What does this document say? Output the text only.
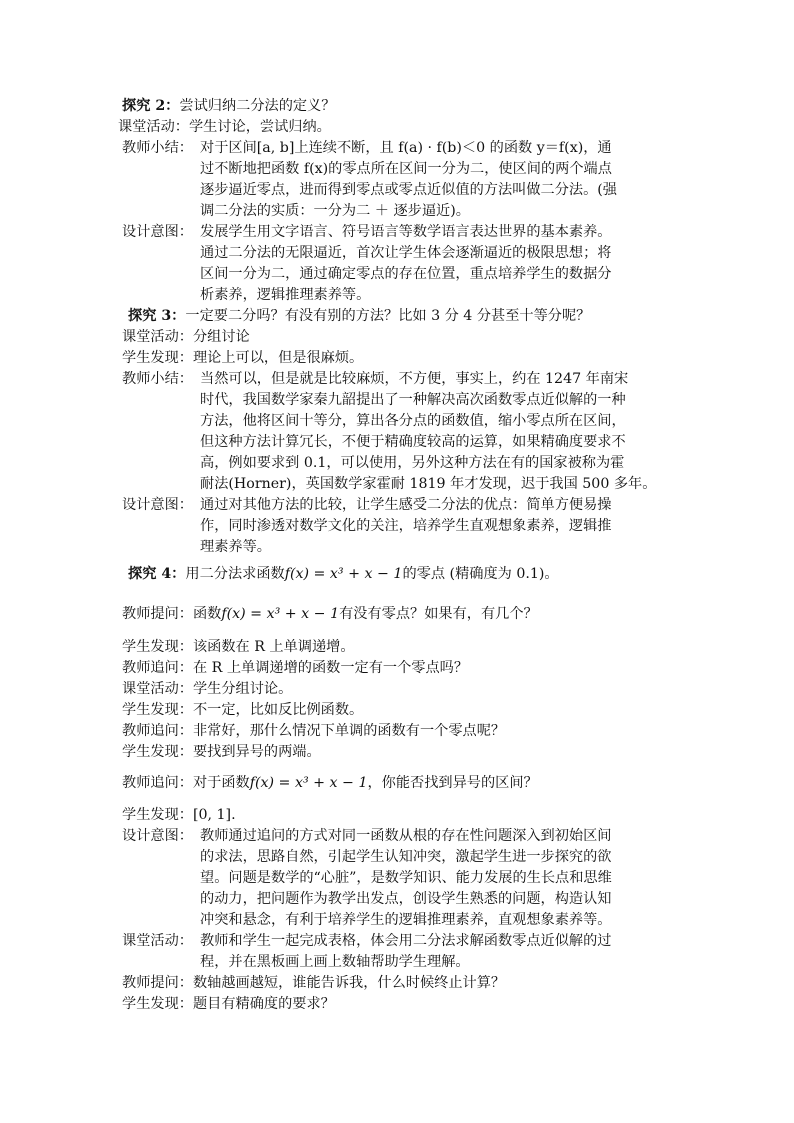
探究 2：尝试归纳二分法的定义？
课堂活动：学生讨论，尝试归纳。
教师小结： 对于区间[a, b]上连续不断，且 f(a) · f(b)＜0 的函数 y＝f(x)，通
过不断地把函数 f(x)的零点所在区间一分为二，使区间的两个端点
逐步逼近零点，进而得到零点或零点近似值的方法叫做二分法。(强
调二分法的实质：一分为二 ＋ 逐步逼近)。
设计意图： 发展学生用文字语言、符号语言等数学语言表达世界的基本素养。
通过二分法的无限逼近，首次让学生体会逐渐逼近的极限思想；将
区间一分为二，通过确定零点的存在位置，重点培养学生的数据分
析素养，逻辑推理素养等。
探究 3：一定要二分吗？有没有别的方法？比如 3 分 4 分甚至十等分呢？
课堂活动：分组讨论
学生发现：理论上可以，但是很麻烦。
教师小结： 当然可以，但是就是比较麻烦，不方便，事实上，约在 1247 年南宋
时代，我国数学家秦九韶提出了一种解决高次函数零点近似解的一种
方法，他将区间十等分，算出各分点的函数值，缩小零点所在区间，
但这种方法计算冗长，不便于精确度较高的运算，如果精确度要求不
高，例如要求到 0.1，可以使用，另外这种方法在有的国家被称为霍
耐法(Horner)，英国数学家霍耐 1819 年才发现，迟于我国 500 多年。
设计意图： 通过对其他方法的比较，让学生感受二分法的优点：简单方便易操
作，同时渗透对数学文化的关注，培养学生直观想象素养，逻辑推
理素养等。
探究 4：用二分法求函数f(x) = x³ + x − 1的零点 (精确度为 0.1)。
教师提问：函数f(x) = x³ + x − 1有没有零点？如果有，有几个？
学生发现：该函数在 R 上单调递增。
教师追问：在 R 上单调递增的函数一定有一个零点吗？
课堂活动：学生分组讨论。
学生发现：不一定，比如反比例函数。
教师追问：非常好，那什么情况下单调的函数有一个零点呢？
学生发现：要找到异号的两端。
教师追问：对于函数f(x) = x³ + x − 1，你能否找到异号的区间？
学生发现：[0, 1].
设计意图： 教师通过追问的方式对同一函数从根的存在性问题深入到初始区间
的求法，思路自然，引起学生认知冲突，激起学生进一步探究的欲
望。问题是数学的“心脏”，是数学知识、能力发展的生长点和思维
的动力，把问题作为教学出发点，创设学生熟悉的问题，构造认知
冲突和悬念，有利于培养学生的逻辑推理素养，直观想象素养等。
课堂活动： 教师和学生一起完成表格，体会用二分法求解函数零点近似解的过
程，并在黑板画上画上数轴帮助学生理解。
教师提问：数轴越画越短，谁能告诉我，什么时候终止计算？
学生发现：题目有精确度的要求？
